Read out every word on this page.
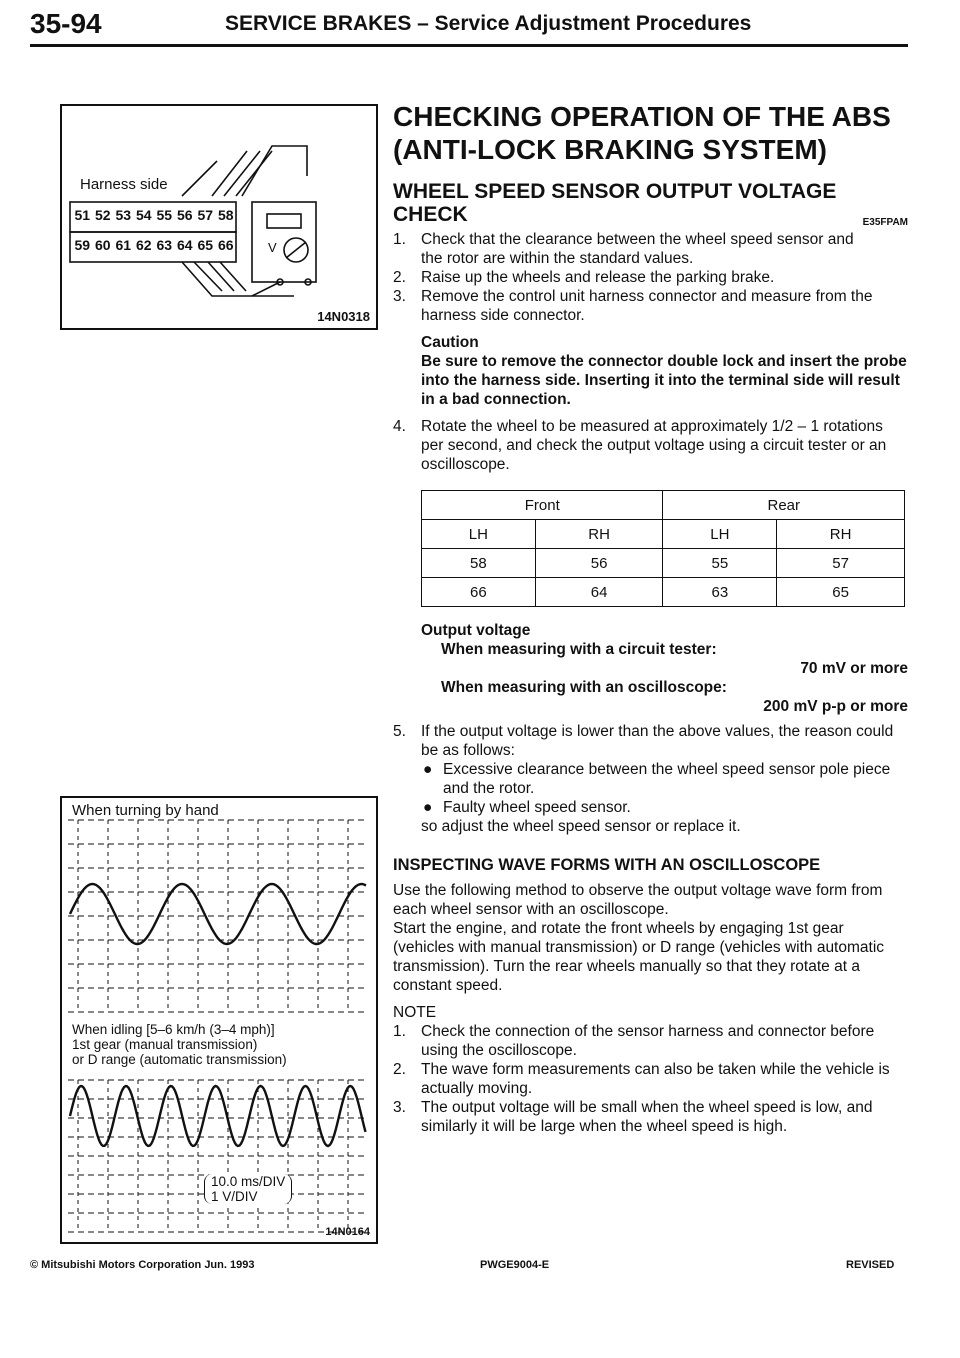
35-94	SERVICE BRAKES – Service Adjustment Procedures
Harness side
51 52 53 54 55 56 57 58
59 60 61 62 63 64 65 66	V
14N0318
When turning by hand
When idling [5–6 km/h (3–4 mph)]
1st gear (manual transmission)
or D range (automatic transmission)
10.0 ms/DIV
1 V/DIV
14N0164
CHECKING OPERATION OF THE ABS
(ANTI-LOCK BRAKING SYSTEM)
WHEEL SPEED SENSOR OUTPUT VOLTAGE
CHECK	E35FPAM
1. Check that the clearance between the wheel speed sensor and the rotor are within the standard values.
2. Raise up the wheels and release the parking brake.
3. Remove the control unit harness connector and measure from the harness side connector.
Caution
Be sure to remove the connector double lock and insert the probe into the harness side. Inserting it into the terminal side will result in a bad connection.
4. Rotate the wheel to be measured at approximately 1/2 – 1 rotations per second, and check the output voltage using a circuit tester or an oscilloscope.
Front		Rear	
LH	RH	LH	RH
58	56	55	57
66	64	63	65
Output voltage
When measuring with a circuit tester:
70 mV or more
When measuring with an oscilloscope:
200 mV p-p or more
5. If the output voltage is lower than the above values, the reason could be as follows:
● Excessive clearance between the wheel speed sensor pole piece and the rotor.
● Faulty wheel speed sensor.
so adjust the wheel speed sensor or replace it.
INSPECTING WAVE FORMS WITH AN OSCILLOSCOPE
Use the following method to observe the output voltage wave form from each wheel sensor with an oscilloscope.
Start the engine, and rotate the front wheels by engaging 1st gear (vehicles with manual transmission) or D range (vehicles with automatic transmission). Turn the rear wheels manually so that they rotate at a constant speed.
NOTE
1. Check the connection of the sensor harness and connector before using the oscilloscope.
2. The wave form measurements can also be taken while the vehicle is actually moving.
3. The output voltage will be small when the wheel speed is low, and similarly it will be large when the wheel speed is high.
© Mitsubishi Motors Corporation Jun. 1993	PWGE9004-E	REVISED
